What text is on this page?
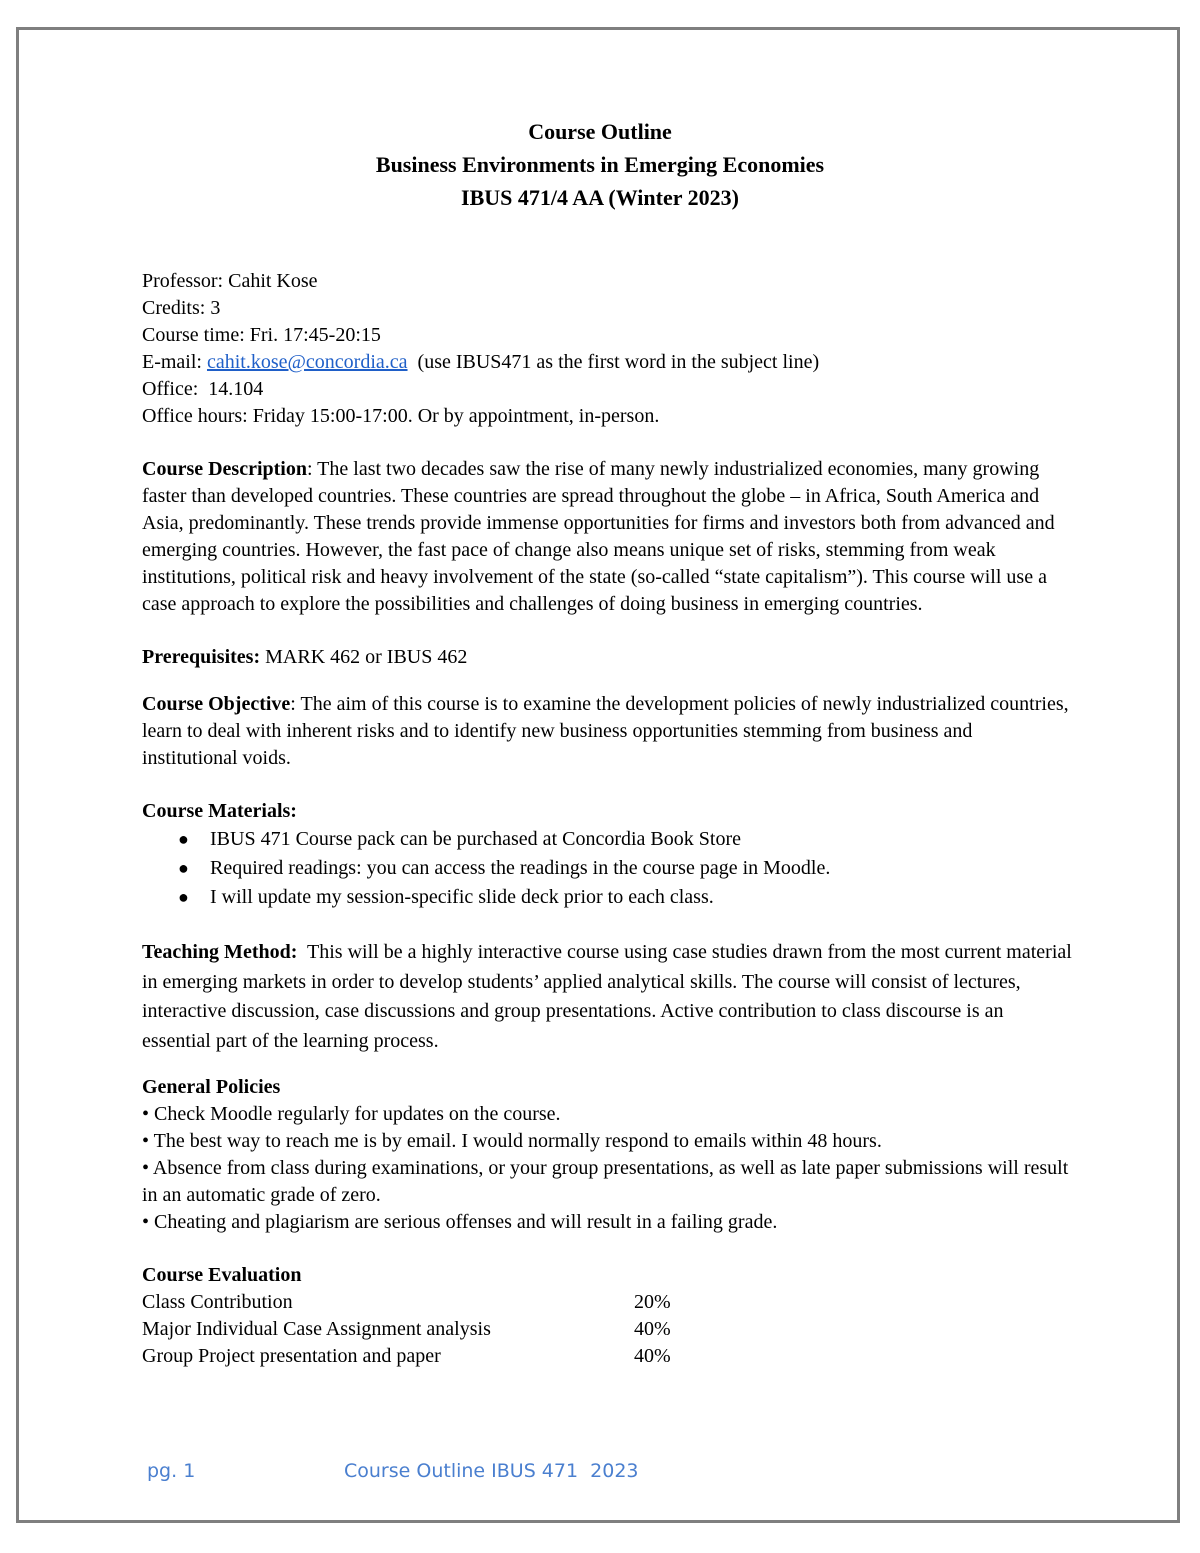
Course Outline
Business Environments in Emerging Economies
IBUS 471/4 AA (Winter 2023)

Professor: Cahit Kose

Credits: 3

Course time: Fri. 17:45-20:15

E-mail: cahit.kose@concordia.ca  (use IBUS471 as the first word in the subject line)

Office:  14.104

Office hours: Friday 15:00-17:00. Or by appointment, in-person.

Course Description: The last two decades saw the rise of many newly industrialized economies, many growing faster than developed countries. These countries are spread throughout the globe – in Africa, South America and Asia, predominantly. These trends provide immense opportunities for firms and investors both from advanced and emerging countries. However, the fast pace of change also means unique set of risks, stemming from weak institutions, political risk and heavy involvement of the state (so-called “state capitalism”). This course will use a case approach to explore the possibilities and challenges of doing business in emerging countries.

Prerequisites: MARK 462 or IBUS 462

Course Objective: The aim of this course is to examine the development policies of newly industrialized countries, learn to deal with inherent risks and to identify new business opportunities stemming from business and institutional voids.

Course Materials:

● IBUS 471 Course pack can be purchased at Concordia Book Store
● Required readings: you can access the readings in the course page in Moodle.
● I will update my session-specific slide deck prior to each class.

Teaching Method:  This will be a highly interactive course using case studies drawn from the most current material in emerging markets in order to develop students’ applied analytical skills. The course will consist of lectures, interactive discussion, case discussions and group presentations. Active contribution to class discourse is an essential part of the learning process.

General Policies

• Check Moodle regularly for updates on the course.

• The best way to reach me is by email. I would normally respond to emails within 48 hours.

• Absence from class during examinations, or your group presentations, as well as late paper submissions will result in an automatic grade of zero.

• Cheating and plagiarism are serious offenses and will result in a failing grade.

Course Evaluation

Class Contribution	20%
Major Individual Case Assignment analysis	40%
Group Project presentation and paper	40%
pg. 1	Course Outline IBUS 471  2023
